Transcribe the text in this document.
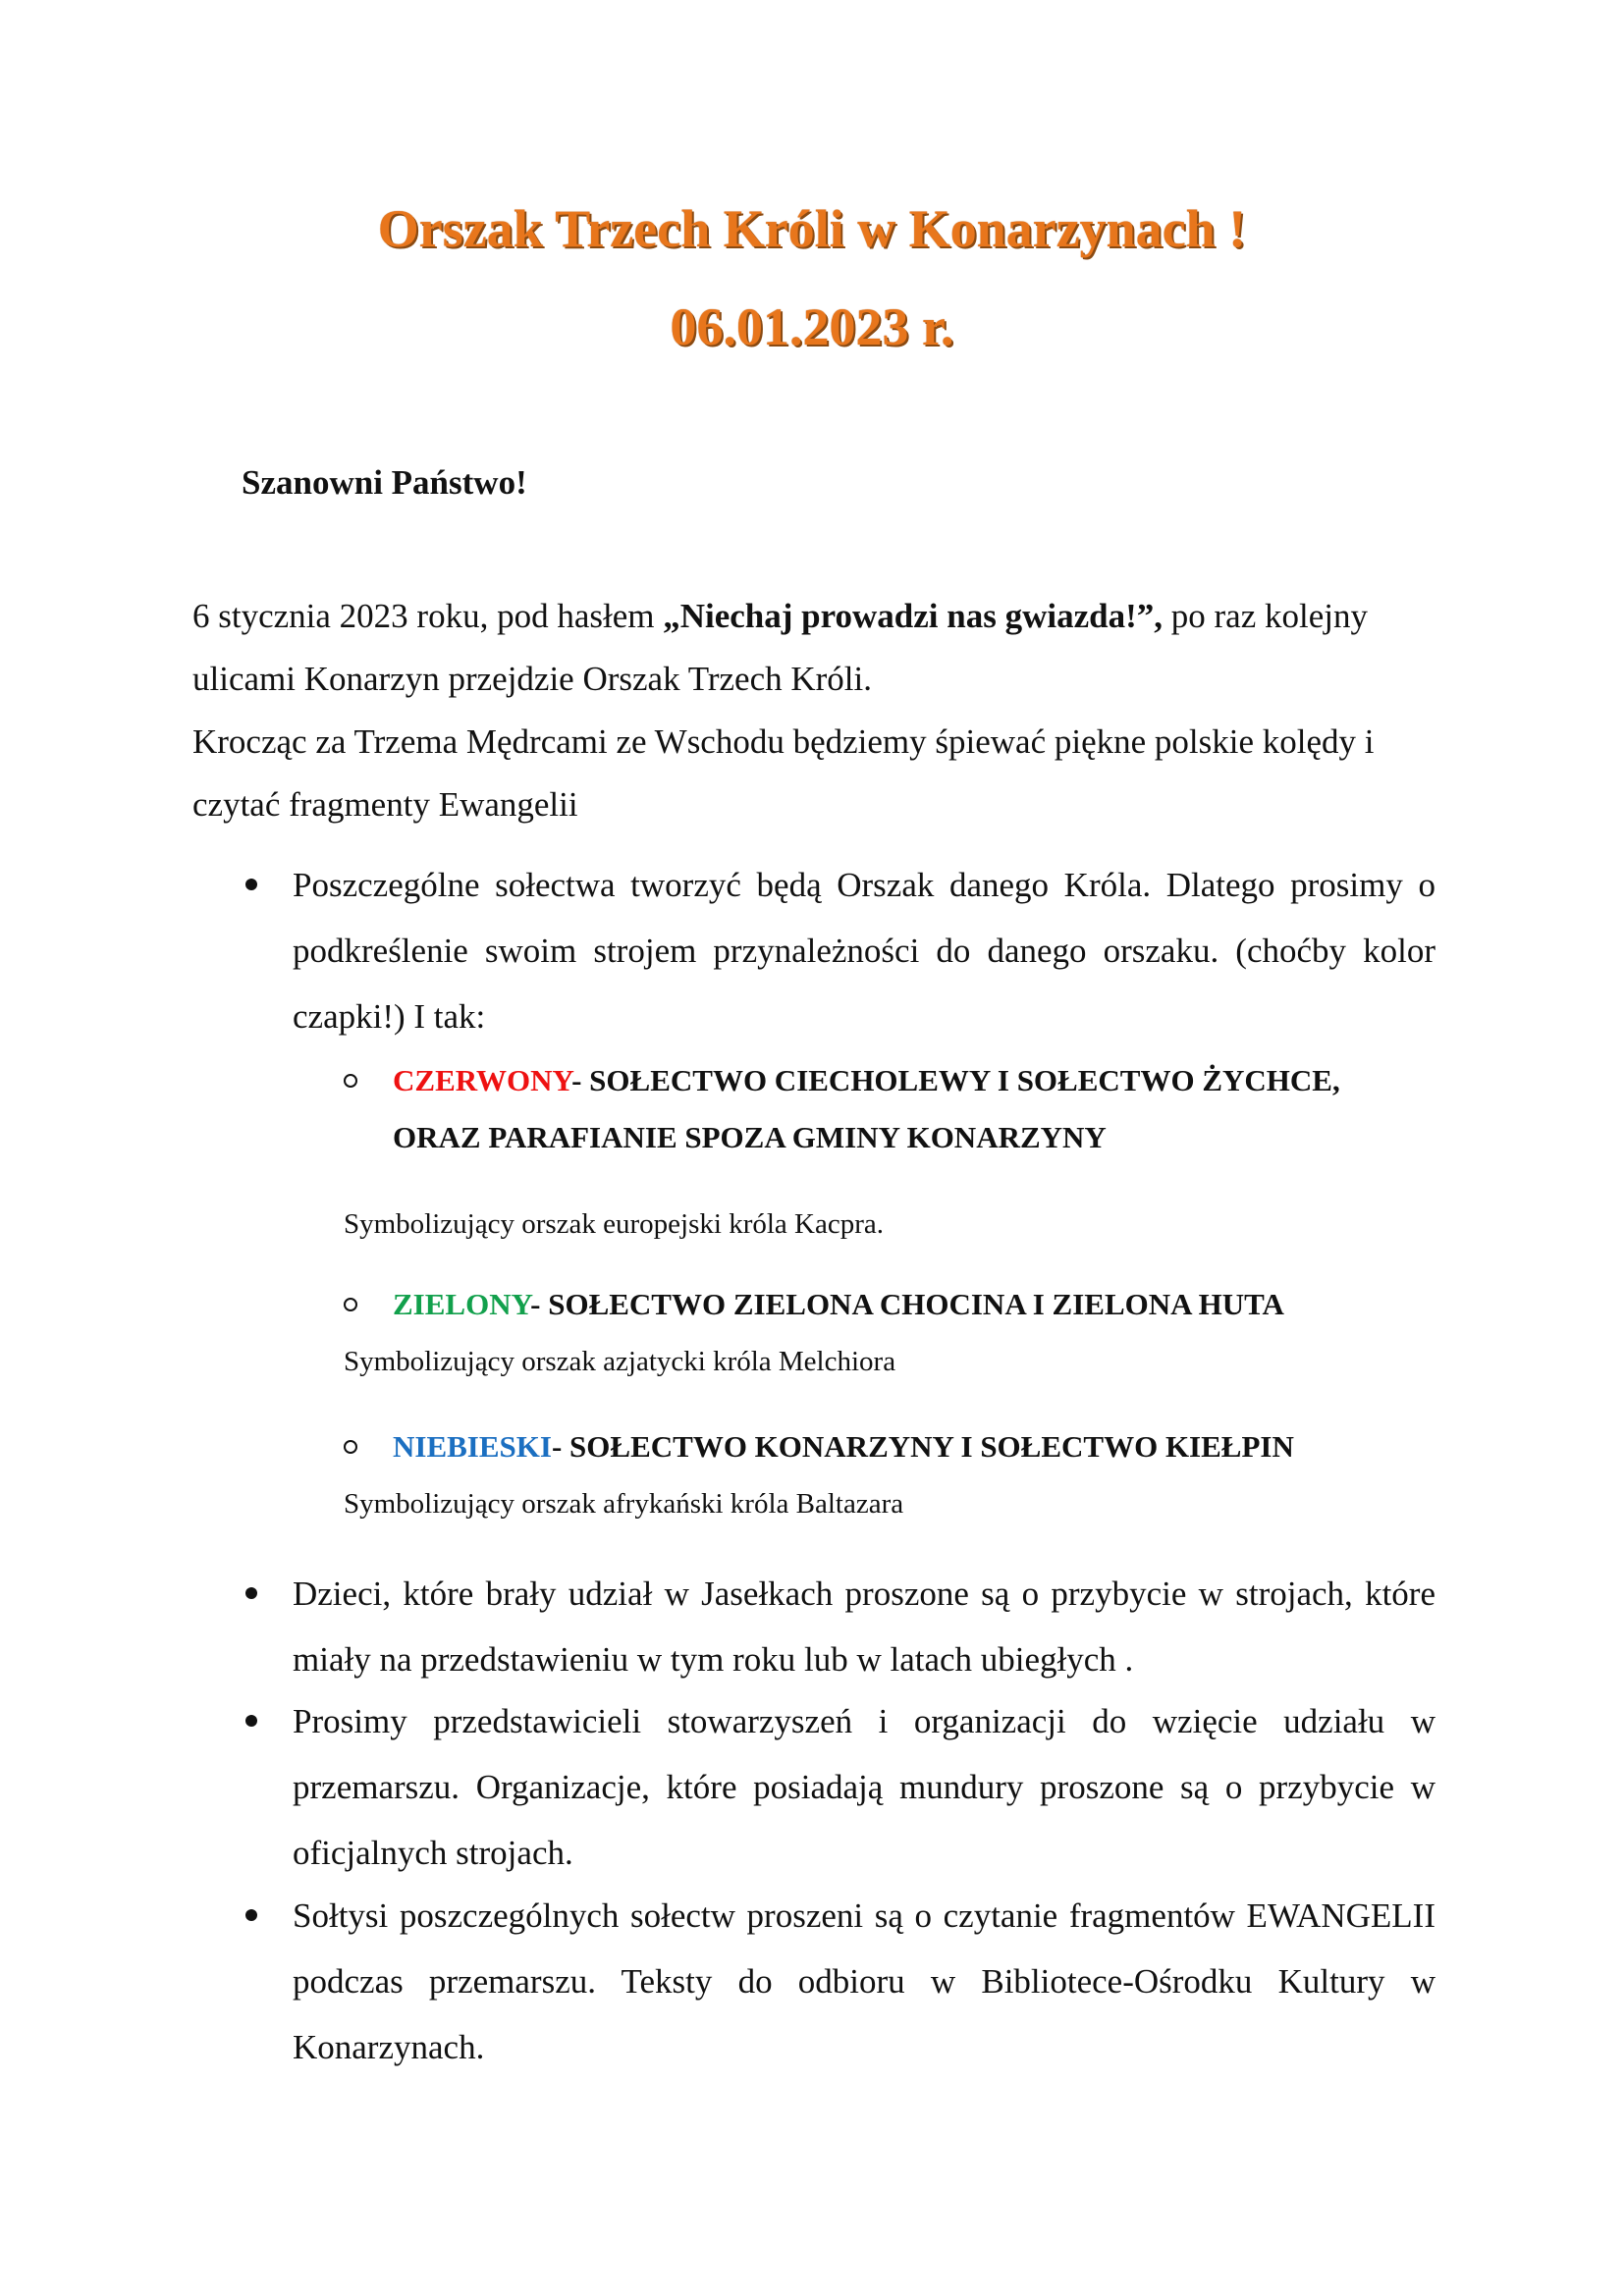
Orszak Trzech Króli w Konarzynach !
06.01.2023 r.

Szanowni Państwo!

6 stycznia 2023 roku, pod hasłem „Niechaj prowadzi nas gwiazda!”, po raz kolejny ulicami Konarzyn przejdzie Orszak Trzech Króli.

Krocząc za Trzema Mędrcami ze Wschodu będziemy śpiewać piękne polskie kolędy i czytać fragmenty Ewangelii

Poszczególne sołectwa tworzyć będą Orszak danego Króla. Dlatego prosimy o podkreślenie swoim strojem przynależności do danego orszaku. (choćby kolor czapki!) I tak:
CZERWONY- SOŁECTWO CIECHOLEWY I SOŁECTWO ŻYCHCE, ORAZ PARAFIANIE SPOZA GMINY KONARZYNY
Symbolizujący orszak europejski króla Kacpra.
ZIELONY- SOŁECTWO ZIELONA CHOCINA I ZIELONA HUTA
Symbolizujący orszak azjatycki króla Melchiora
NIEBIESKI- SOŁECTWO KONARZYNY I SOŁECTWO KIEŁPIN
Symbolizujący orszak afrykański króla Baltazara
Dzieci, które brały udział w Jasełkach proszone są o przybycie w strojach, które miały na przedstawieniu w tym roku lub w latach ubiegłych .
Prosimy przedstawicieli stowarzyszeń i organizacji do wzięcie udziału w przemarszu. Organizacje, które posiadają mundury proszone są o przybycie w oficjalnych strojach.
Sołtysi poszczególnych sołectw proszeni są o czytanie fragmentów EWANGELII podczas przemarszu. Teksty do odbioru w Bibliotece-Ośrodku Kultury w Konarzynach.
